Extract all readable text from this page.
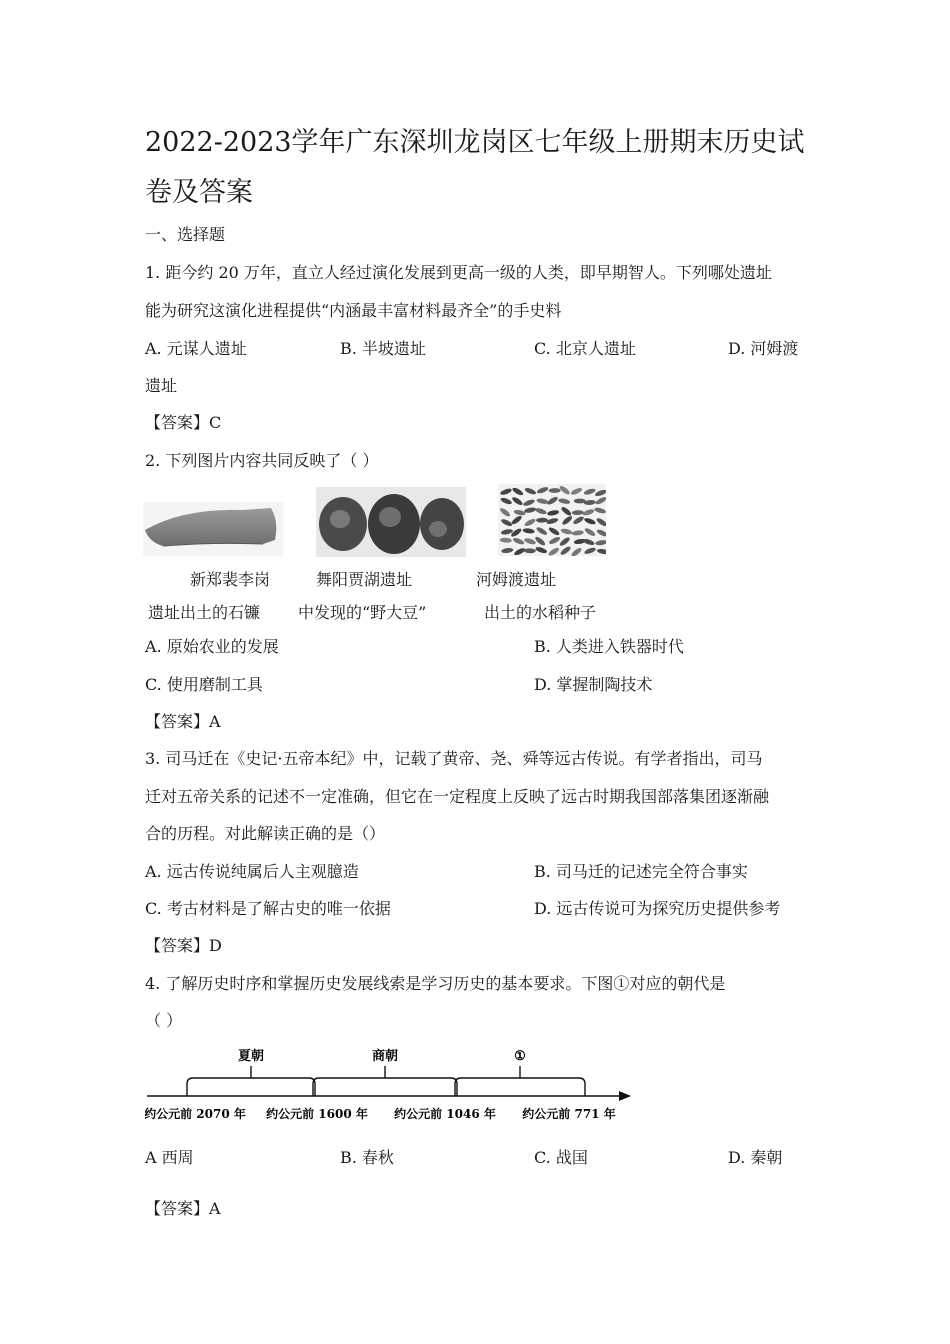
2022-2023学年广东深圳龙岗区七年级上册期末历史试卷及答案
一、选择题
1. 距今约 20 万年，直立人经过演化发展到更高一级的人类，即早期智人。下列哪处遗址
能为研究这演化进程提供“内涵最丰富材料最齐全”的手史料
A. 元谋人遗址	B. 半坡遗址	C. 北京人遗址	D. 河姆渡
遗址
【答案】C
2. 下列图片内容共同反映了（ ）
新郑裴李岗
遗址出土的石镰
舞阳贾湖遗址
中发现的“野大豆”
河姆渡遗址
出土的水稻种子
A. 原始农业的发展	B. 人类进入铁器时代
C. 使用磨制工具	D. 掌握制陶技术
【答案】A
3. 司马迁在《史记·五帝本纪》中，记载了黄帝、尧、舜等远古传说。有学者指出，司马
迁对五帝关系的记述不一定准确，但它在一定程度上反映了远古时期我国部落集团逐渐融
合的历程。对此解读正确的是（）
A. 远古传说纯属后人主观臆造	B. 司马迁的记述完全符合事实
C. 考古材料是了解古史的唯一依据	D. 远古传说可为探究历史提供参考
【答案】D
4. 了解历史时序和掌握历史发展线索是学习历史的基本要求。下图①对应的朝代是
（ ）
夏朝	商朝	①
约公元前 2070 年 约公元前 1600 年 约公元前 1046 年 约公元前 771 年
A 西周	B. 春秋	C. 战国	D. 秦朝
【答案】A
